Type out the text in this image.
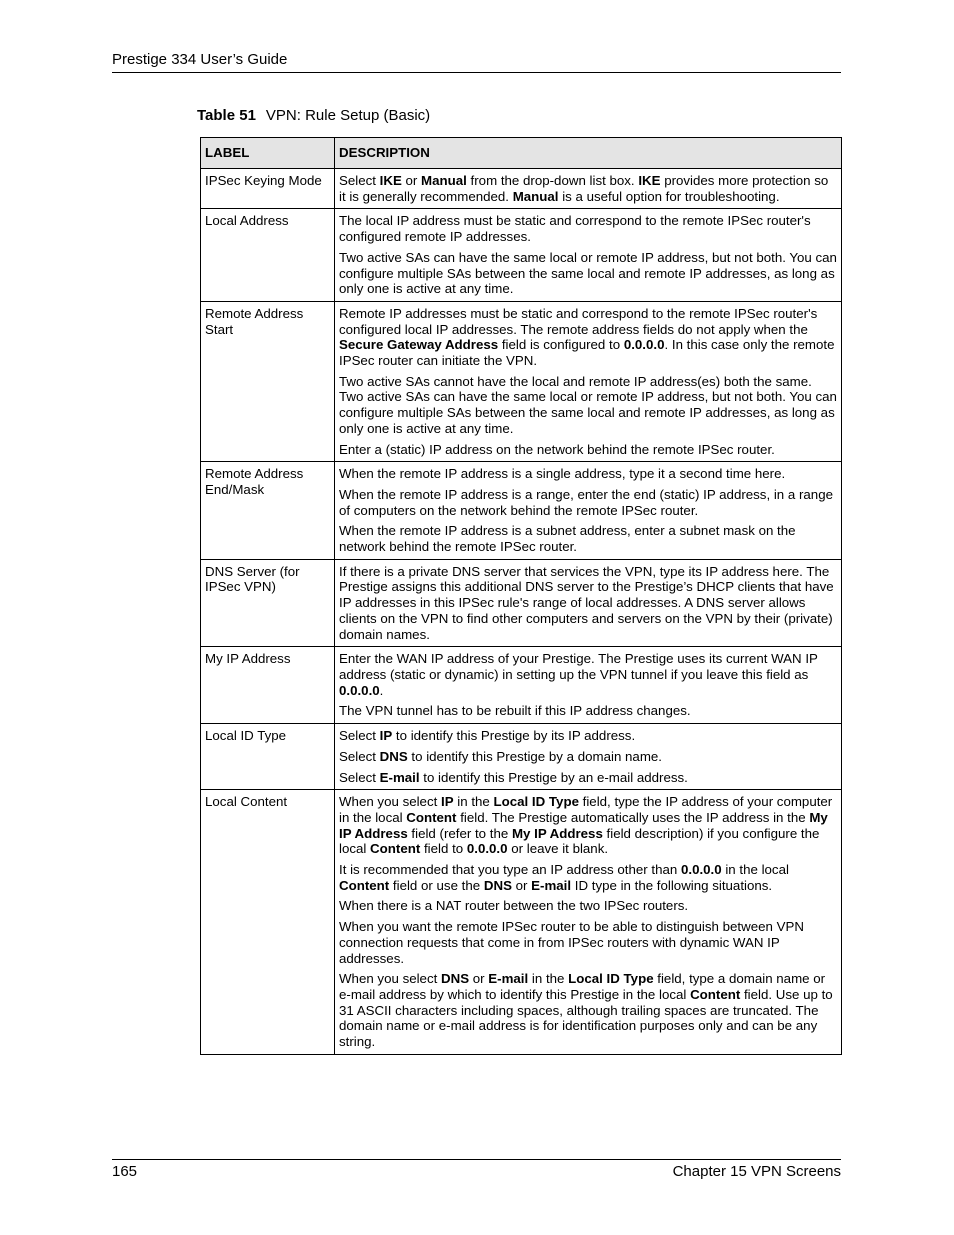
Prestige 334 User’s Guide
Table 51 VPN: Rule Setup (Basic)
LABEL	DESCRIPTION
IPSec Keying Mode	Select IKE or Manual from the drop-down list box. IKE provides more protection so it is generally recommended. Manual is a useful option for troubleshooting.

Local Address	The local IP address must be static and correspond to the remote IPSec router's configured remote IP addresses.

Two active SAs can have the same local or remote IP address, but not both. You can configure multiple SAs between the same local and remote IP addresses, as long as only one is active at any time.

Remote Address Start	Remote IP addresses must be static and correspond to the remote IPSec router's configured local IP addresses. The remote address fields do not apply when the Secure Gateway Address field is configured to 0.0.0.0. In this case only the remote IPSec router can initiate the VPN.

Two active SAs cannot have the local and remote IP address(es) both the same. Two active SAs can have the same local or remote IP address, but not both. You can configure multiple SAs between the same local and remote IP addresses, as long as only one is active at any time.

Enter a (static) IP address on the network behind the remote IPSec router.

Remote Address End/Mask	When the remote IP address is a single address, type it a second time here.

When the remote IP address is a range, enter the end (static) IP address, in a range of computers on the network behind the remote IPSec router.

When the remote IP address is a subnet address, enter a subnet mask on the network behind the remote IPSec router.

DNS Server (for IPSec VPN)	If there is a private DNS server that services the VPN, type its IP address here. The Prestige assigns this additional DNS server to the Prestige’s DHCP clients that have IP addresses in this IPSec rule's range of local addresses. A DNS server allows clients on the VPN to find other computers and servers on the VPN by their (private) domain names.

My IP Address	Enter the WAN IP address of your Prestige. The Prestige uses its current WAN IP address (static or dynamic) in setting up the VPN tunnel if you leave this field as 0.0.0.0.

The VPN tunnel has to be rebuilt if this IP address changes.

Local ID Type	Select IP to identify this Prestige by its IP address.

Select DNS to identify this Prestige by a domain name.

Select E-mail to identify this Prestige by an e-mail address.

Local Content	When you select IP in the Local ID Type field, type the IP address of your computer in the local Content field. The Prestige automatically uses the IP address in the My IP Address field (refer to the My IP Address field description) if you configure the local Content field to 0.0.0.0 or leave it blank.

It is recommended that you type an IP address other than 0.0.0.0 in the local Content field or use the DNS or E-mail ID type in the following situations.

When there is a NAT router between the two IPSec routers.

When you want the remote IPSec router to be able to distinguish between VPN connection requests that come in from IPSec routers with dynamic WAN IP addresses.

When you select DNS or E-mail in the Local ID Type field, type a domain name or e-mail address by which to identify this Prestige in the local Content field. Use up to 31 ASCII characters including spaces, although trailing spaces are truncated. The domain name or e-mail address is for identification purposes only and can be any string.

165	Chapter 15 VPN Screens
